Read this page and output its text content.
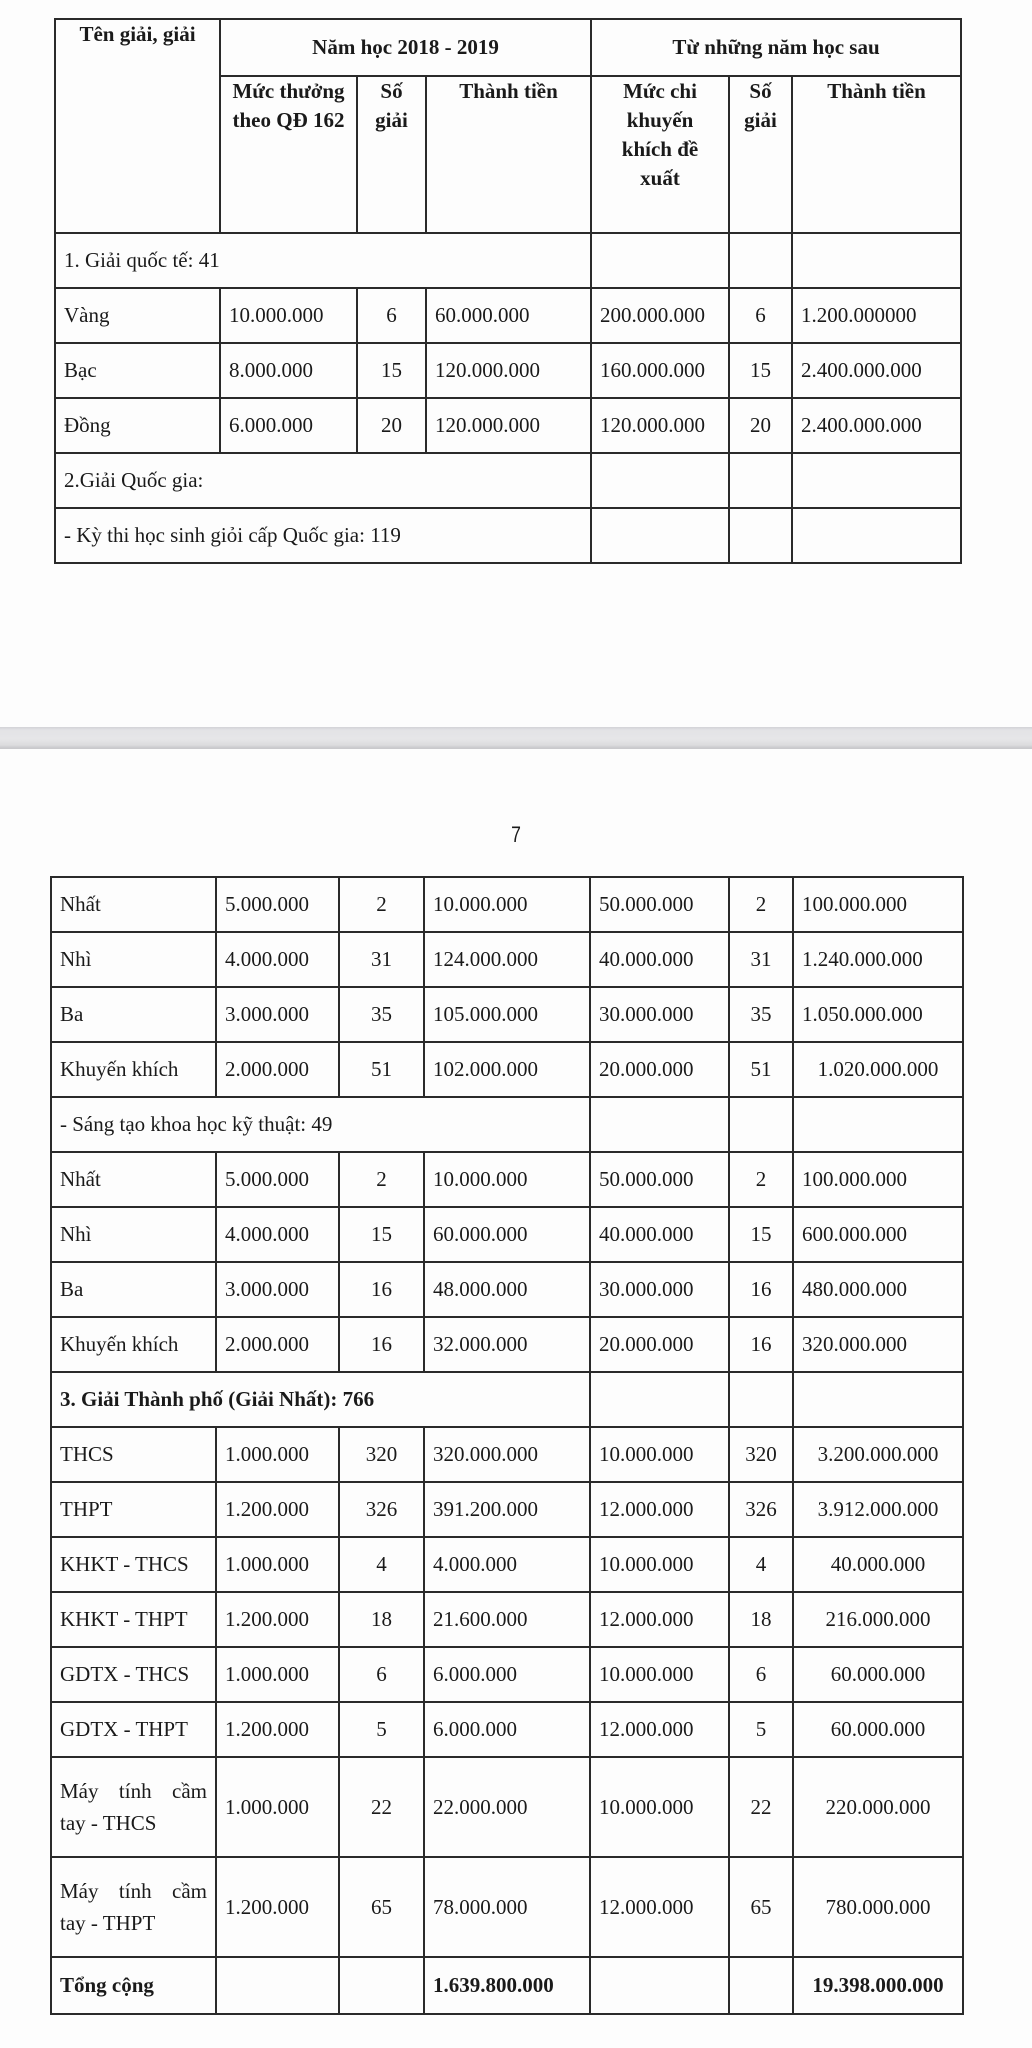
Tên giải, giải	Năm học 2018 - 2019			Từ những năm học sau		
	Mức thưởng theo QĐ 162	Số giải	Thành tiền	Mức chi khuyến khích đề xuất	Số giải	Thành tiền
1. Giải quốc tế: 41						
Vàng	10.000.000	6	60.000.000	200.000.000	6	1.200.000000
Bạc	8.000.000	15	120.000.000	160.000.000	15	2.400.000.000
Đồng	6.000.000	20	120.000.000	120.000.000	20	2.400.000.000
2.Giải Quốc gia:						
- Kỳ thi học sinh giỏi cấp Quốc gia: 119						
7
Nhất	5.000.000	2	10.000.000	50.000.000	2	100.000.000
Nhì	4.000.000	31	124.000.000	40.000.000	31	1.240.000.000
Ba	3.000.000	35	105.000.000	30.000.000	35	1.050.000.000
Khuyến khích	2.000.000	51	102.000.000	20.000.000	51	1.020.000.000
- Sáng tạo khoa học kỹ thuật: 49						
Nhất	5.000.000	2	10.000.000	50.000.000	2	100.000.000
Nhì	4.000.000	15	60.000.000	40.000.000	15	600.000.000
Ba	3.000.000	16	48.000.000	30.000.000	16	480.000.000
Khuyến khích	2.000.000	16	32.000.000	20.000.000	16	320.000.000
3. Giải Thành phố (Giải Nhất): 766						
THCS	1.000.000	320	320.000.000	10.000.000	320	3.200.000.000
THPT	1.200.000	326	391.200.000	12.000.000	326	3.912.000.000
KHKT - THCS	1.000.000	4	4.000.000	10.000.000	4	40.000.000
KHKT - THPT	1.200.000	18	21.600.000	12.000.000	18	216.000.000
GDTX - THCS	1.000.000	6	6.000.000	10.000.000	6	60.000.000
GDTX - THPT	1.200.000	5	6.000.000	12.000.000	5	60.000.000
Máy tính cầm tay - THCS	1.000.000	22	22.000.000	10.000.000	22	220.000.000
Máy tính cầm tay - THPT	1.200.000	65	78.000.000	12.000.000	65	780.000.000
Tổng cộng			1.639.800.000			19.398.000.000
